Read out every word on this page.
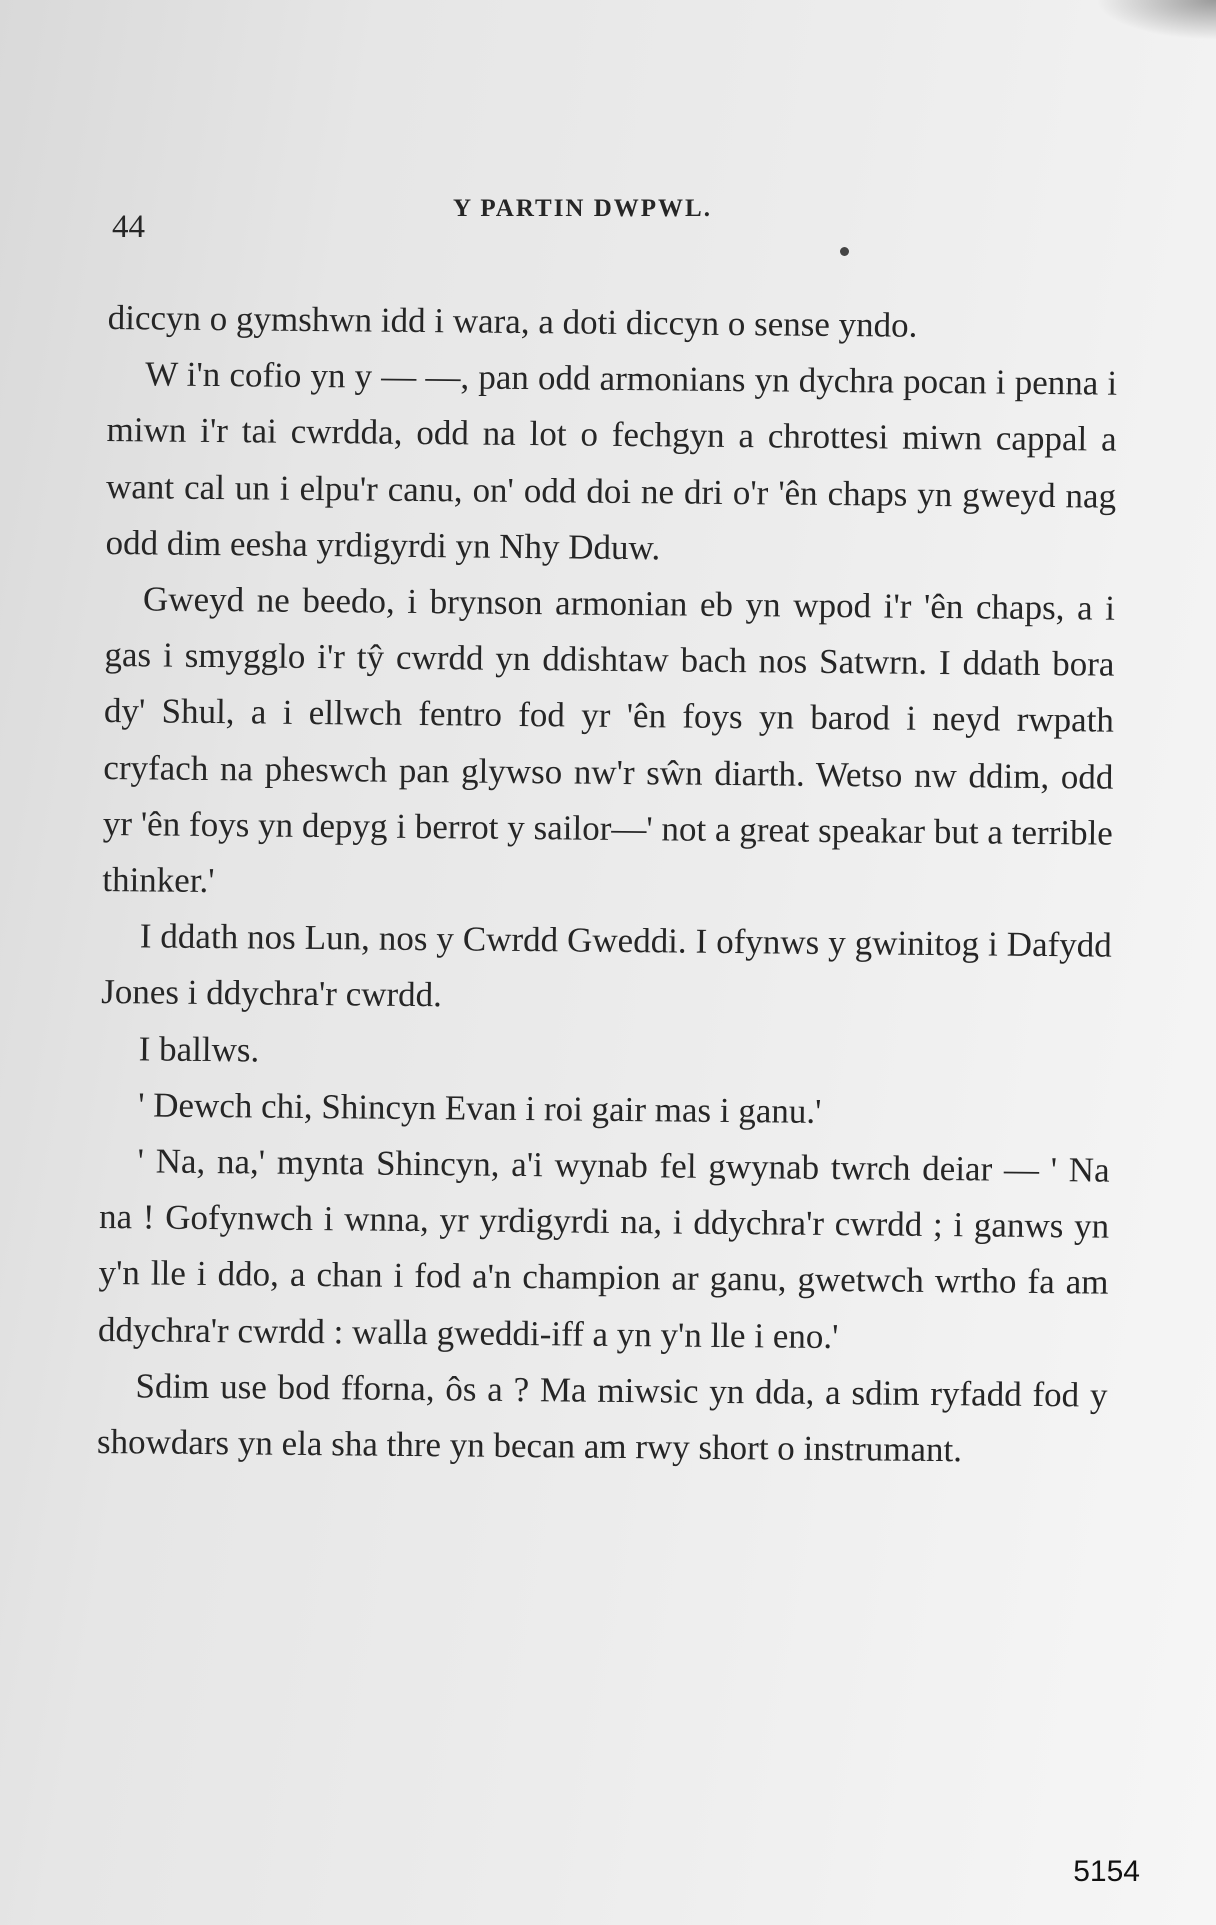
44
Y PARTIN DWPWL.

diccyn o gymshwn idd i wara, a doti diccyn o sense yndo.

W i'n cofio yn y — —, pan odd armonians yn dychra pocan i penna i miwn i'r tai cwrdda, odd na lot o fechgyn a chrottesi miwn cappal a want cal un i elpu'r canu, on' odd doi ne dri o'r 'ên chaps yn gweyd nag odd dim eesha yrdigyrdi yn Nhy Dduw.

Gweyd ne beedo, i brynson armonian eb yn wpod i'r 'ên chaps, a i gas i smygglo i'r tŷ cwrdd yn ddishtaw bach nos Satwrn. I ddath bora dy' Shul, a i ellwch fentro fod yr 'ên foys yn barod i neyd rwpath cryfach na pheswch pan glywso nw'r sŵn diarth. Wetso nw ddim, odd yr 'ên foys yn depyg i berrot y sailor—' not a great speakar but a terrible thinker.'

I ddath nos Lun, nos y Cwrdd Gweddi. I ofynws y gwinitog i Dafydd Jones i ddychra'r cwrdd.

I ballws.

' Dewch chi, Shincyn Evan i roi gair mas i ganu.'

' Na, na,' mynta Shincyn, a'i wynab fel gwynab twrch deiar — ' Na na ! Gofynwch i wnna, yr yrdigyrdi na, i ddychra'r cwrdd ; i ganws yn y'n lle i ddo, a chan i fod a'n champion ar ganu, gwetwch wrtho fa am ddychra'r cwrdd : walla gweddi-iff a yn y'n lle i eno.'

Sdim use bod fforna, ôs a ? Ma miwsic yn dda, a sdim ryfadd fod y showdars yn ela sha thre yn becan am rwy short o instrumant.

5154
